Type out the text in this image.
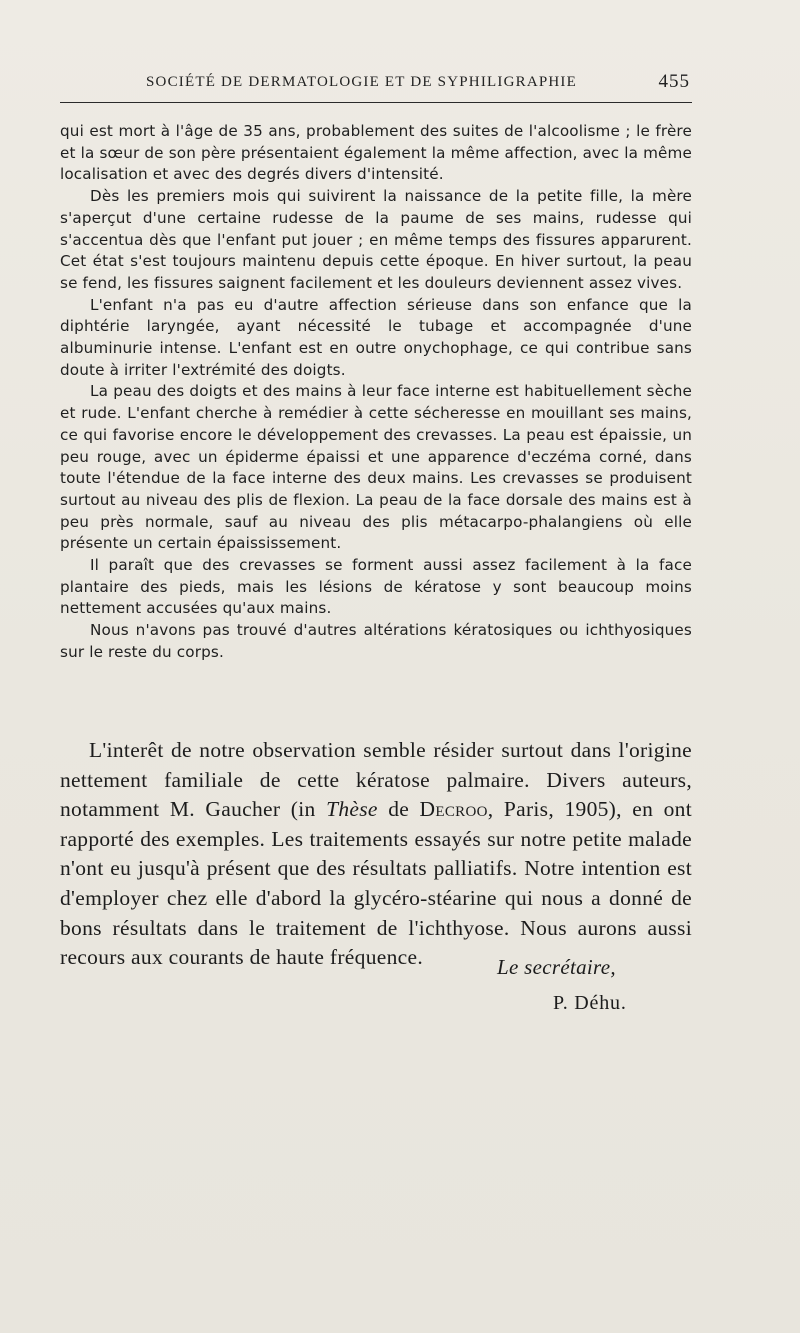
SOCIÉTÉ DE DERMATOLOGIE ET DE SYPHILIGRAPHIE	455

qui est mort à l'âge de 35 ans, probablement des suites de l'alcoolisme ; le frère et la sœur de son père présentaient également la même affection, avec la même localisation et avec des degrés divers d'intensité.

Dès les premiers mois qui suivirent la naissance de la petite fille, la mère s'aperçut d'une certaine rudesse de la paume de ses mains, rudesse qui s'accentua dès que l'enfant put jouer ; en même temps des fissures apparurent. Cet état s'est toujours maintenu depuis cette époque. En hiver surtout, la peau se fend, les fissures saignent facilement et les douleurs deviennent assez vives.

L'enfant n'a pas eu d'autre affection sérieuse dans son enfance que la diphtérie laryngée, ayant nécessité le tubage et accompagnée d'une albuminurie intense. L'enfant est en outre onychophage, ce qui contribue sans doute à irriter l'extrémité des doigts.

La peau des doigts et des mains à leur face interne est habituellement sèche et rude. L'enfant cherche à remédier à cette sécheresse en mouillant ses mains, ce qui favorise encore le développement des crevasses. La peau est épaissie, un peu rouge, avec un épiderme épaissi et une apparence d'eczéma corné, dans toute l'étendue de la face interne des deux mains. Les crevasses se produisent surtout au niveau des plis de flexion. La peau de la face dorsale des mains est à peu près normale, sauf au niveau des plis métacarpo-phalangiens où elle présente un certain épaississement.

Il paraît que des crevasses se forment aussi assez facilement à la face plantaire des pieds, mais les lésions de kératose y sont beaucoup moins nettement accusées qu'aux mains.

Nous n'avons pas trouvé d'autres altérations kératosiques ou ichthyosiques sur le reste du corps.

L'interêt de notre observation semble résider surtout dans l'origine nettement familiale de cette kératose palmaire. Divers auteurs, notamment M. Gaucher (in Thèse de Decroo, Paris, 1905), en ont rapporté des exemples. Les traitements essayés sur notre petite malade n'ont eu jusqu'à présent que des résultats palliatifs. Notre intention est d'employer chez elle d'abord la glycéro-stéarine qui nous a donné de bons résultats dans le traitement de l'ichthyose. Nous aurons aussi recours aux courants de haute fréquence.	Le secrétaire,
P. Déhu.
